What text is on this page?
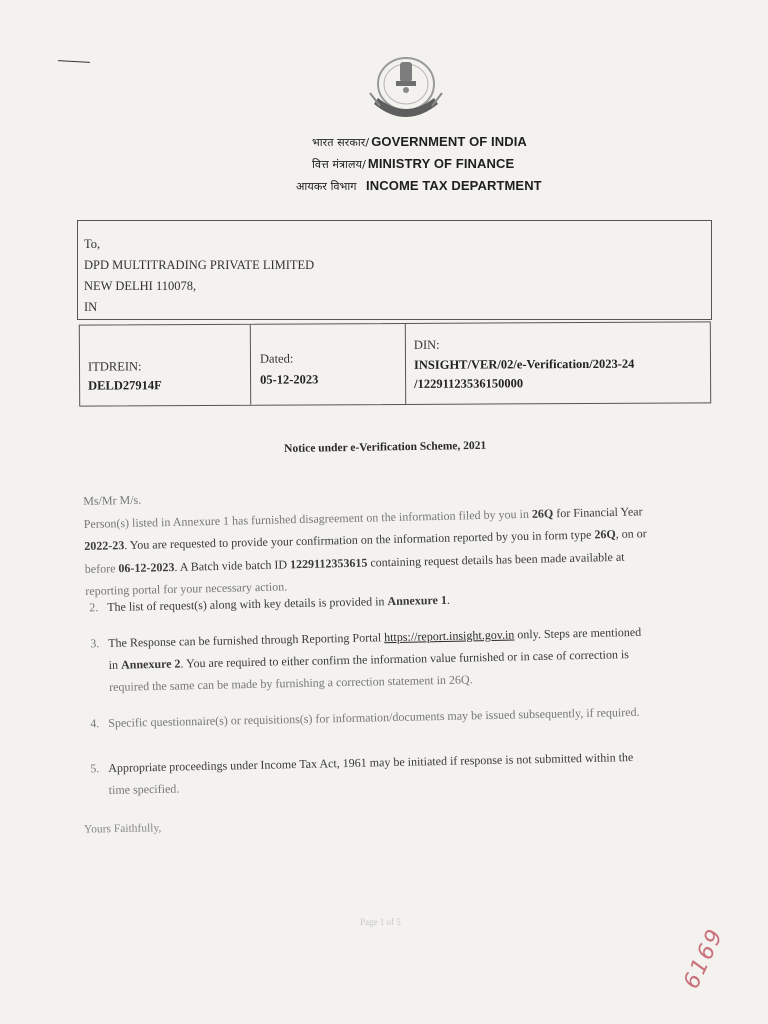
भारत सरकार/ GOVERNMENT OF INDIA
वित्त मंत्रालय/ MINISTRY OF FINANCE
आयकर विभाग INCOME TAX DEPARTMENT
To,
DPD MULTITRADING PRIVATE LIMITED
NEW DELHI 110078,
IN
ITDREIN:
DELD27914F
Dated:
05-12-2023
DIN:
INSIGHT/VER/02/e-Verification/2023-24
/12291123536150000
Notice under e-Verification Scheme, 2021

Ms/Mr M/s.

Person(s) listed in Annexure 1 has furnished disagreement on the information filed by you in 26Q for Financial Year

2022-23. You are requested to provide your confirmation on the information reported by you in form type 26Q, on or

before 06-12-2023. A Batch vide batch ID 1229112353615 containing request details has been made available at

reporting portal for your necessary action.

2. The list of request(s) along with key details is provided in Annexure 1.

3. The Response can be furnished through Reporting Portal https://report.insight.gov.in only. Steps are mentioned

in Annexure 2. You are required to either confirm the information value furnished or in case of correction is

required the same can be made by furnishing a correction statement in 26Q.

4. Specific questionnaire(s) or requisitions(s) for information/documents may be issued subsequently, if required.

5. Appropriate proceedings under Income Tax Act, 1961 may be initiated if response is not submitted within the

time specified.

Yours Faithfully,
Page 1 of 5
6169
